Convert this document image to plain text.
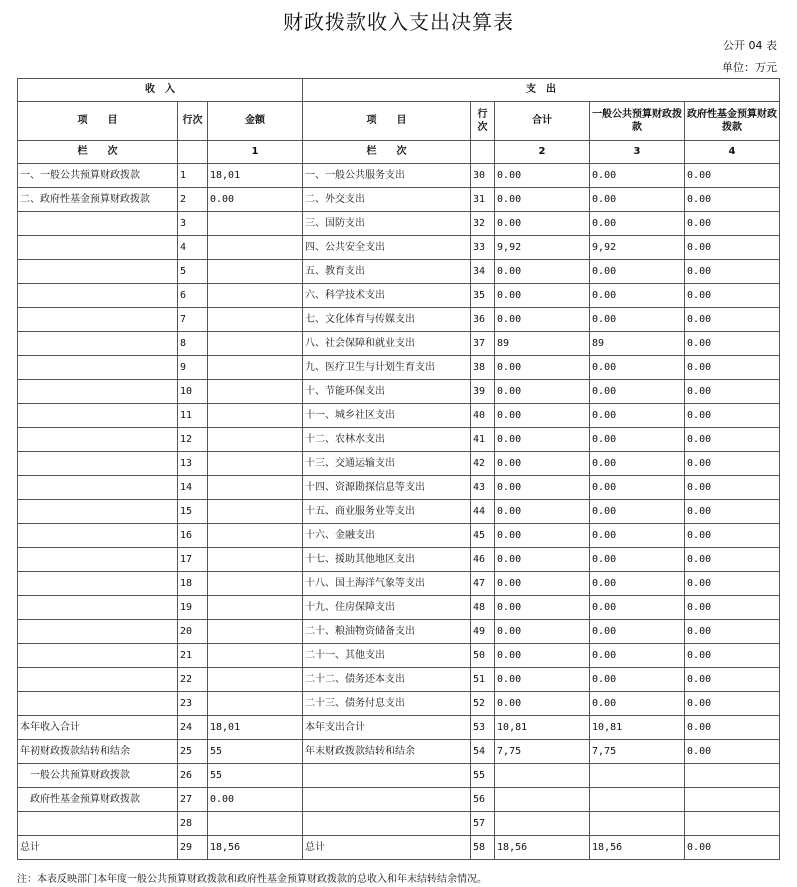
财政拨款收入支出决算表
公开 04 表
单位：万元
收　入			支　出				
项　　目	行次	金额	项　　目	行次	合计	一般公共预算财政拨款	政府性基金预算财政拨款
栏　　次		1	栏　　次		2	3	4
一、一般公共预算财政拨款	1	18,01	一、一般公共服务支出	30	0.00	0.00	0.00
二、政府性基金预算财政拨款	2	0.00	二、外交支出	31	0.00	0.00	0.00
	3		三、国防支出	32	0.00	0.00	0.00
	4		四、公共安全支出	33	9,92	9,92	0.00
	5		五、教育支出	34	0.00	0.00	0.00
	6		六、科学技术支出	35	0.00	0.00	0.00
	7		七、文化体育与传媒支出	36	0.00	0.00	0.00
	8		八、社会保障和就业支出	37	89	89	0.00
	9		九、医疗卫生与计划生育支出	38	0.00	0.00	0.00
	10		十、节能环保支出	39	0.00	0.00	0.00
	11		十一、城乡社区支出	40	0.00	0.00	0.00
	12		十二、农林水支出	41	0.00	0.00	0.00
	13		十三、交通运输支出	42	0.00	0.00	0.00
	14		十四、资源勘探信息等支出	43	0.00	0.00	0.00
	15		十五、商业服务业等支出	44	0.00	0.00	0.00
	16		十六、金融支出	45	0.00	0.00	0.00
	17		十七、援助其他地区支出	46	0.00	0.00	0.00
	18		十八、国土海洋气象等支出	47	0.00	0.00	0.00
	19		十九、住房保障支出	48	0.00	0.00	0.00
	20		二十、粮油物资储备支出	49	0.00	0.00	0.00
	21		二十一、其他支出	50	0.00	0.00	0.00
	22		二十二、债务还本支出	51	0.00	0.00	0.00
	23		二十三、债务付息支出	52	0.00	0.00	0.00
本年收入合计	24	18,01	本年支出合计	53	10,81	10,81	0.00
年初财政拨款结转和结余	25	55	年末财政拨款结转和结余	54	7,75	7,75	0.00
一般公共预算财政拨款	26	55		55			
政府性基金预算财政拨款	27	0.00		56			
	28			57			
总计	29	18,56	总计	58	18,56	18,56	0.00
注：本表反映部门本年度一般公共预算财政拨款和政府性基金预算财政拨款的总收入和年末结转结余情况。
